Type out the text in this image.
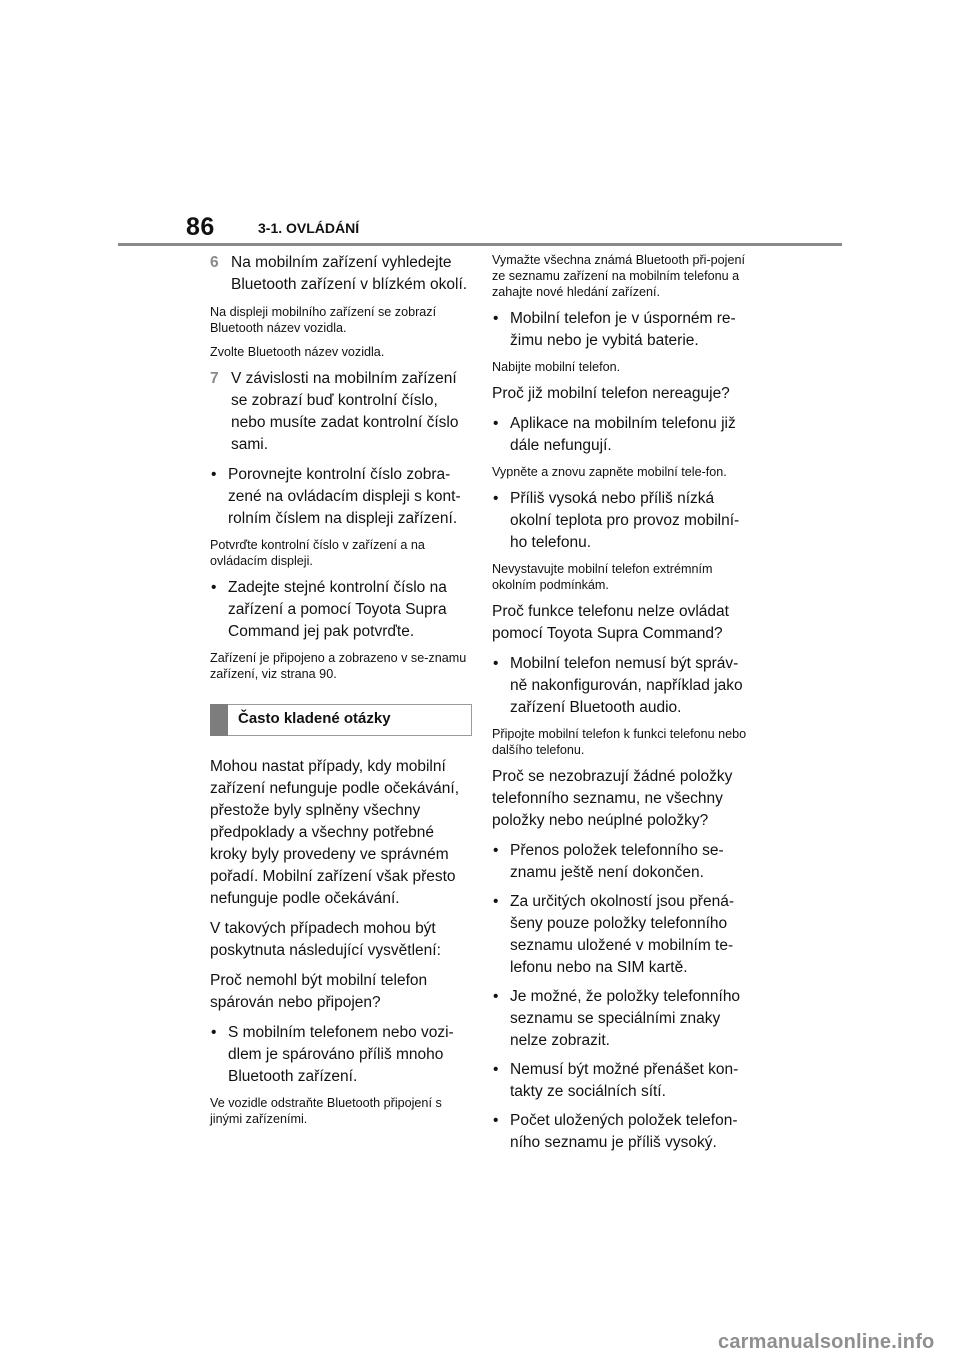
86	3-1. OVLÁDÁNÍ
6 Na mobilním zařízení vyhledejte Bluetooth zařízení v blízkém okolí.

Na displeji mobilního zařízení se zobrazí Bluetooth název vozidla.

Zvolte Bluetooth název vozidla.

7 V závislosti na mobilním zařízení se zobrazí buď kontrolní číslo, nebo musíte zadat kontrolní číslo sami.
• Porovnejte kontrolní číslo zobra-zené na ovládacím displeji s kont-rolním číslem na displeji zařízení.

Potvrďte kontrolní číslo v zařízení a na ovládacím displeji.

• Zadejte stejné kontrolní číslo na zařízení a pomocí Toyota Supra Command jej pak potvrďte.

Zařízení je připojeno a zobrazeno v se-znamu zařízení, viz strana 90.

Často kladené otázky

Mohou nastat případy, kdy mobilní zařízení nefunguje podle očekávání, přestože byly splněny všechny předpoklady a všechny potřebné kroky byly provedeny ve správném pořadí. Mobilní zařízení však přesto nefunguje podle očekávání.

V takových případech mohou být poskytnuta následující vysvětlení:

Proč nemohl být mobilní telefon spárován nebo připojen?

• S mobilním telefonem nebo vozi-dlem je spárováno příliš mnoho Bluetooth zařízení.

Ve vozidle odstraňte Bluetooth připojení s jinými zařízeními.

Vymažte všechna známá Bluetooth při-pojení ze seznamu zařízení na mobilním telefonu a zahajte nové hledání zařízení.

• Mobilní telefon je v úsporném re-žimu nebo je vybitá baterie.

Nabijte mobilní telefon.

Proč již mobilní telefon nereaguje?

• Aplikace na mobilním telefonu již dále nefungují.

Vypněte a znovu zapněte mobilní tele-fon.

• Příliš vysoká nebo příliš nízká okolní teplota pro provoz mobilní-ho telefonu.

Nevystavujte mobilní telefon extrémním okolním podmínkám.

Proč funkce telefonu nelze ovládat pomocí Toyota Supra Command?

• Mobilní telefon nemusí být správ-ně nakonfigurován, například jako zařízení Bluetooth audio.

Připojte mobilní telefon k funkci telefonu nebo dalšího telefonu.

Proč se nezobrazují žádné položky telefonního seznamu, ne všechny položky nebo neúplné položky?

• Přenos položek telefonního se-znamu ještě není dokončen.
• Za určitých okolností jsou přená-šeny pouze položky telefonního seznamu uložené v mobilním te-lefonu nebo na SIM kartě.
• Je možné, že položky telefonního seznamu se speciálními znaky nelze zobrazit.
• Nemusí být možné přenášet kon-takty ze sociálních sítí.
• Počet uložených položek telefon-ního seznamu je příliš vysoký.
carmanualsonline.info
